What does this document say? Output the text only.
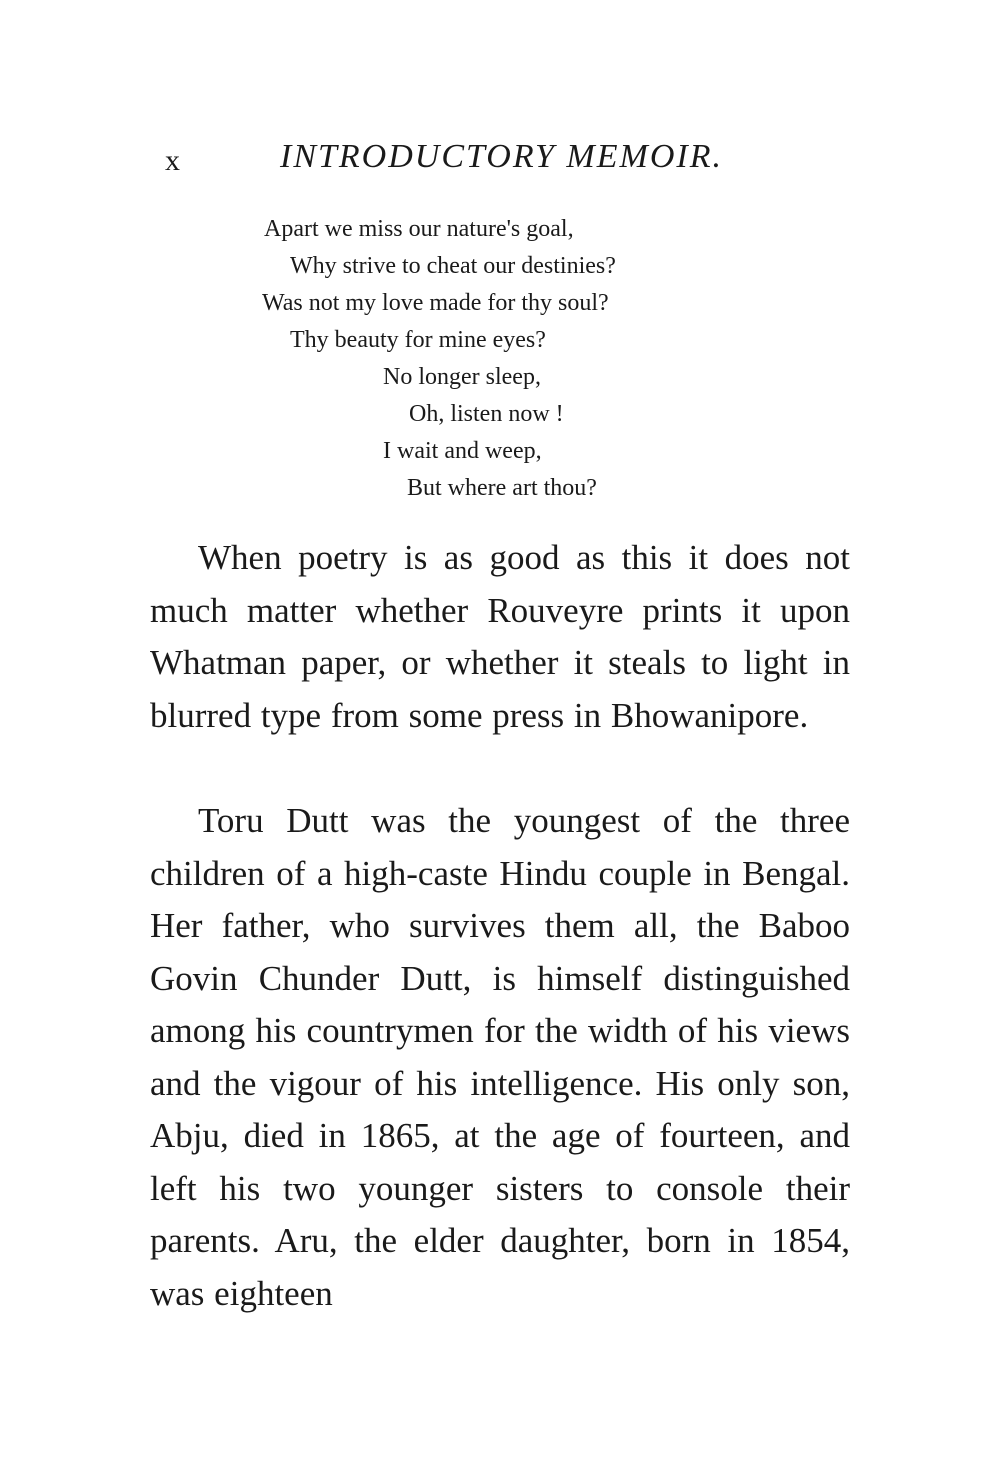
x	INTRODUCTORY MEMOIR.
Apart we miss our nature's goal,
Why strive to cheat our destinies?
Was not my love made for thy soul?
Thy beauty for mine eyes?
No longer sleep,
Oh, listen now !
I wait and weep,
But where art thou?

When poetry is as good as this it does not much matter whether Rouveyre prints it upon Whatman paper, or whether it steals to light in blurred type from some press in Bhowanipore.

Toru Dutt was the youngest of the three children of a high-caste Hindu couple in Bengal. Her father, who survives them all, the Baboo Govin Chunder Dutt, is himself distinguished among his countrymen for the width of his views and the vigour of his intelligence. His only son, Abju, died in 1865, at the age of fourteen, and left his two younger sisters to console their parents. Aru, the elder daughter, born in 1854, was eighteen
